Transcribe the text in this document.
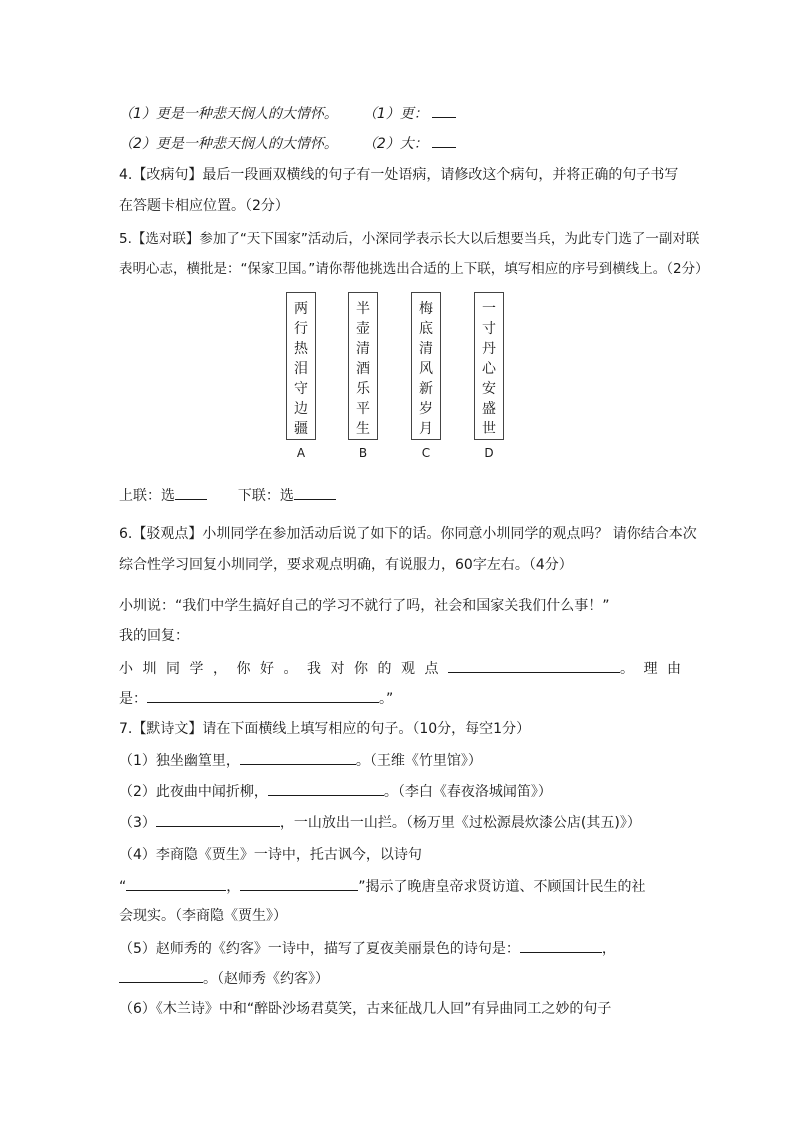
（1）更是一种悲天悯人的大情怀。 （1）更：
（2）更是一种悲天悯人的大情怀。 （2）大：
4.【改病句】最后一段画双横线的句子有一处语病，请修改这个病句，并将正确的句子书写
在答题卡相应位置。（2分）
5.【选对联】参加了“天下国家”活动后，小深同学表示长大以后想要当兵，为此专门选了一副对联
表明心志，横批是：“保家卫国。”请你帮他挑选出合适的上下联，填写相应的序号到横线上。（2分）
两
行
热
泪
守
边
疆
半
壶
清
酒
乐
平
生
梅
底
清
风
新
岁
月
一
寸
丹
心
安
盛
世
A	B	C	D
上联：选	下联：选
6.【驳观点】小圳同学在参加活动后说了如下的话。你同意小圳同学的观点吗？ 请你结合本次
综合性学习回复小圳同学，要求观点明确，有说服力，60字左右。（4分）
小圳说：“我们中学生搞好自己的学习不就行了吗，社会和国家关我们什么事！”
我的回复：
小圳同学，你好。我对你的观点	。理由
是：	。”
7.【默诗文】请在下面横线上填写相应的句子。（10分，每空1分）
（1）独坐幽篁里，	。（王维《竹里馆》）
（2）此夜曲中闻折柳，	。（李白《春夜洛城闻笛》）
（3）	，一山放出一山拦。（杨万里《过松源晨炊漆公店(其五)》）
（4）李商隐《贾生》一诗中，托古讽今，以诗句
“	，	”揭示了晚唐皇帝求贤访道、不顾国计民生的社
会现实。（李商隐《贾生》）
（5）赵师秀的《约客》一诗中，描写了夏夜美丽景色的诗句是：	，
。（赵师秀《约客》）
（6）《木兰诗》中和“醉卧沙场君莫笑，古来征战几人回”有异曲同工之妙的句子
